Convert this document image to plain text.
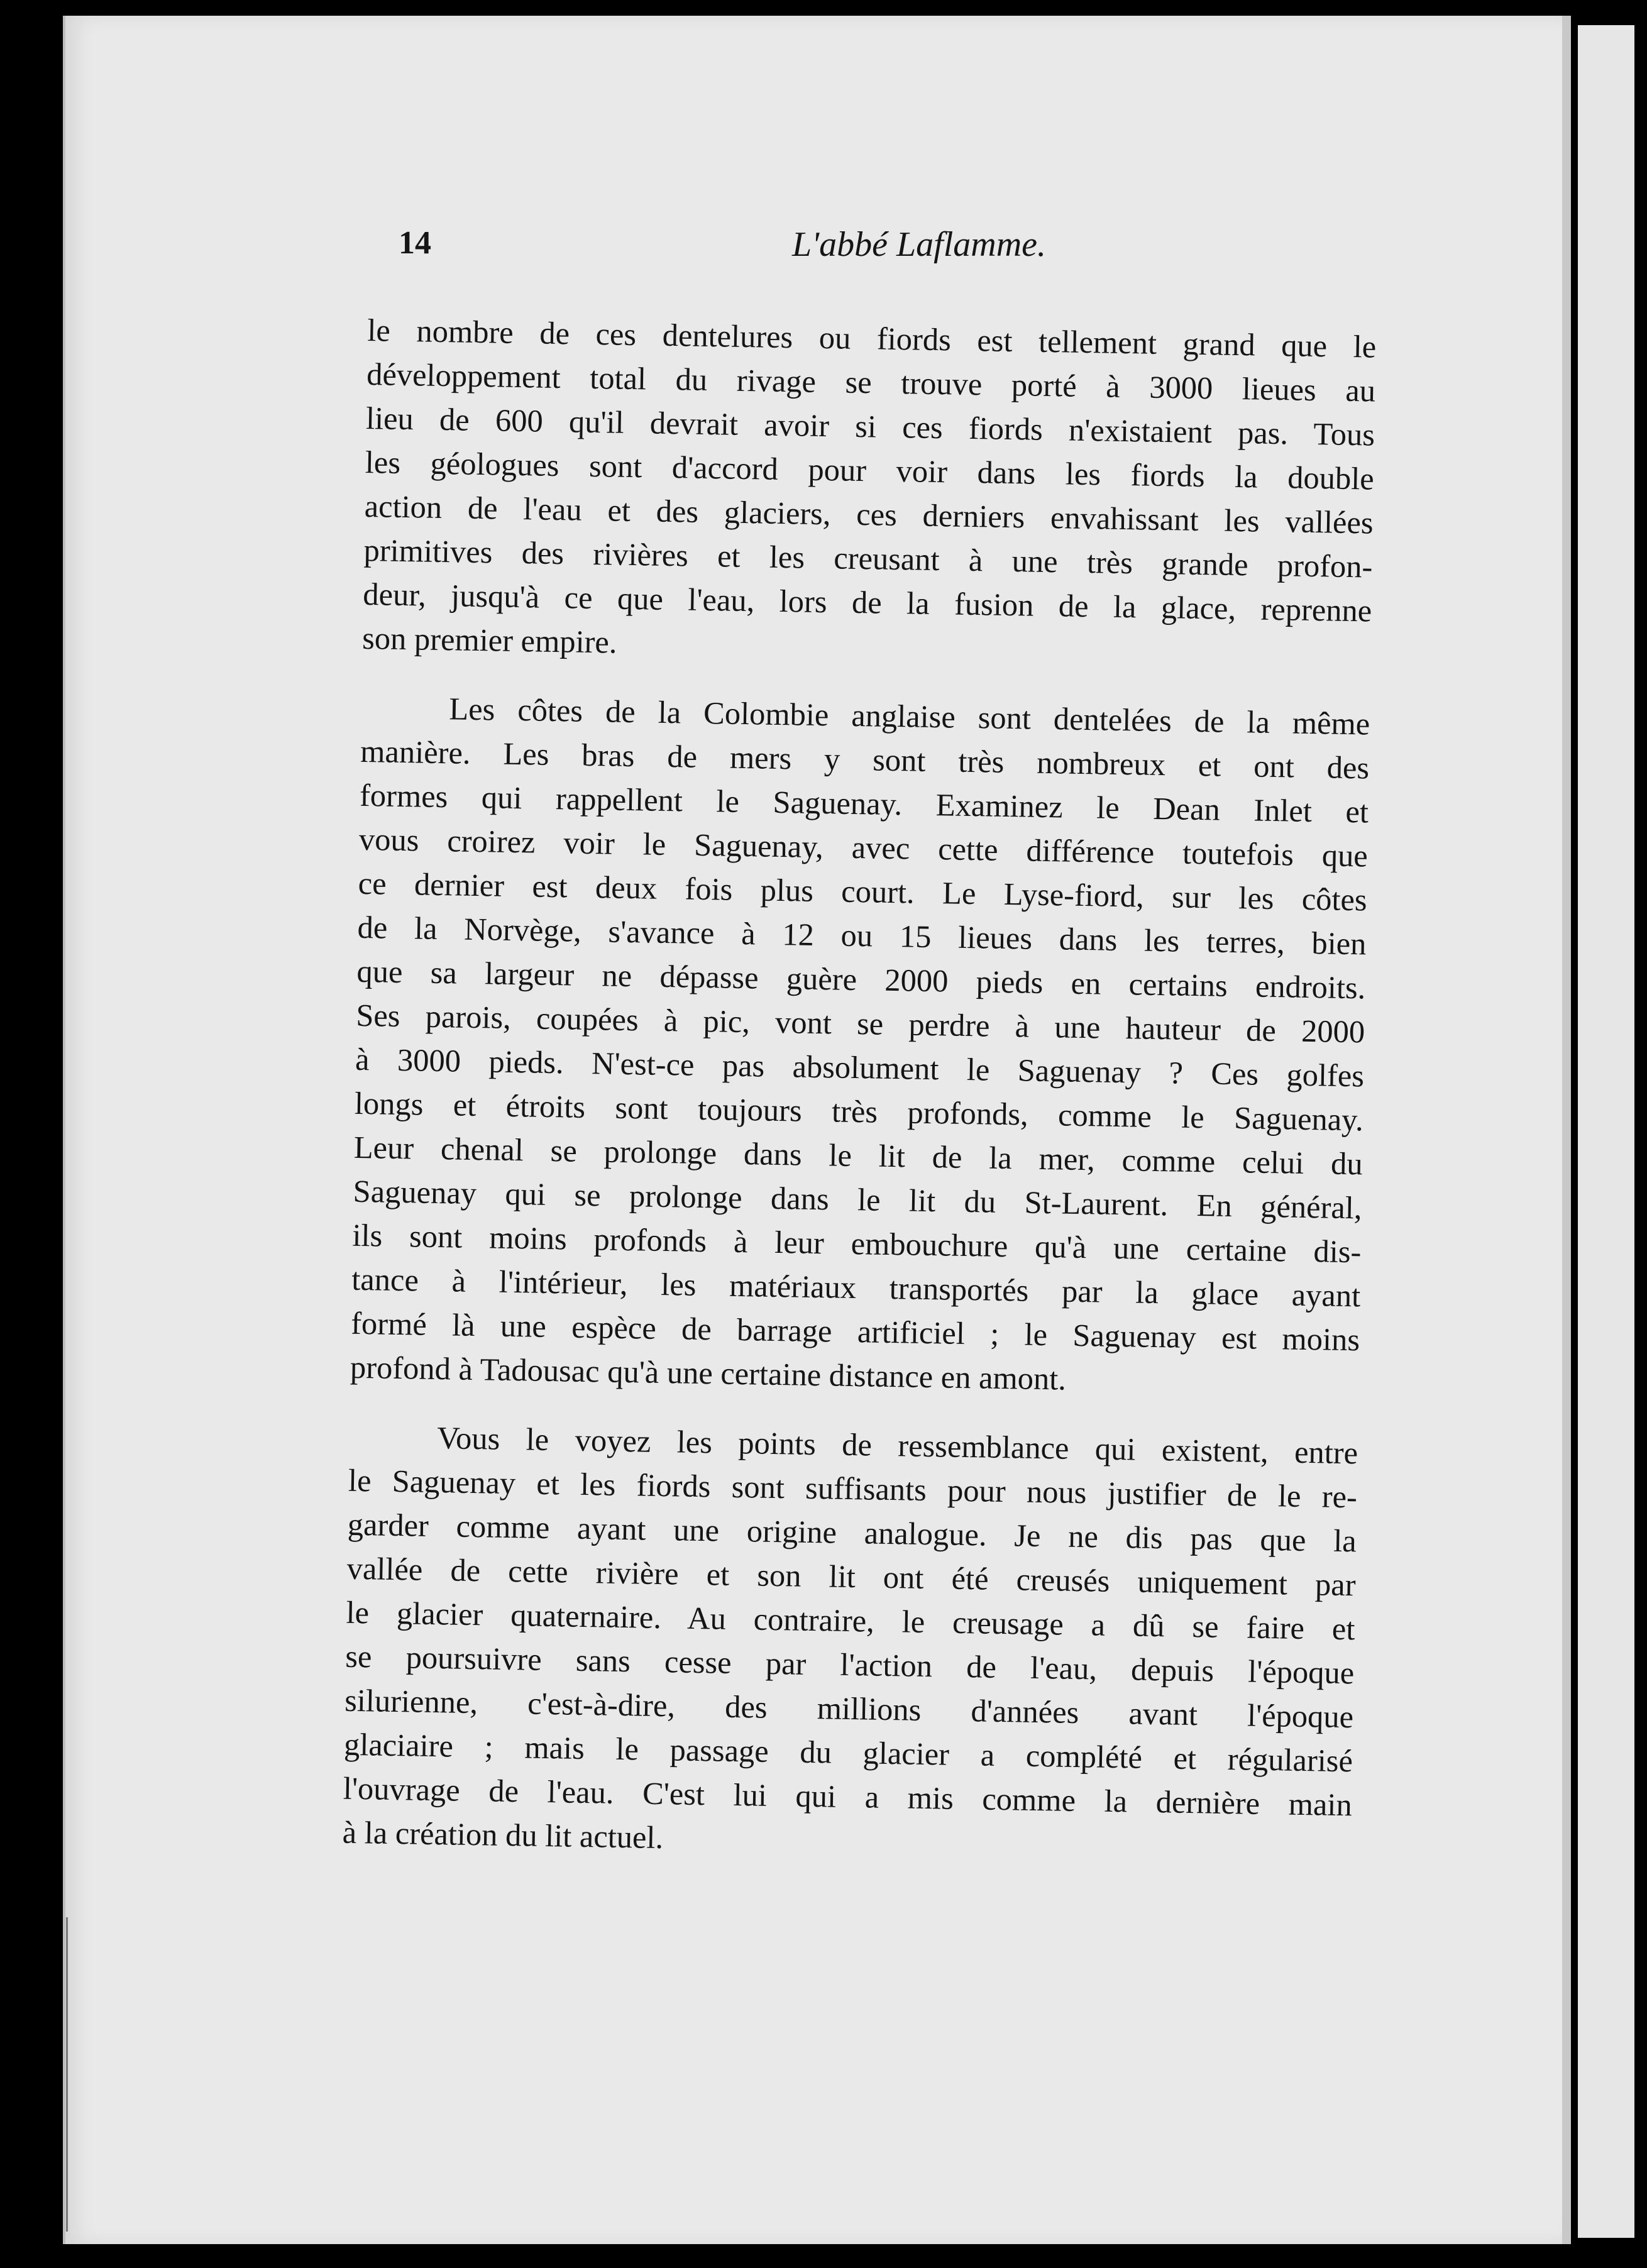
14	L'abbé Laflamme.
le nombre de ces dentelures ou fiords est tellement grand que le
développement total du rivage se trouve porté à 3000 lieues au
lieu de 600 qu'il devrait avoir si ces fiords n'existaient pas. Tous
les géologues sont d'accord pour voir dans les fiords la double
action de l'eau et des glaciers, ces derniers envahissant les vallées
primitives des rivières et les creusant à une très grande profon-
deur, jusqu'à ce que l'eau, lors de la fusion de la glace, reprenne
son premier empire.
Les côtes de la Colombie anglaise sont dentelées de la même
manière. Les bras de mers y sont très nombreux et ont des
formes qui rappellent le Saguenay. Examinez le Dean Inlet et
vous croirez voir le Saguenay, avec cette différence toutefois que
ce dernier est deux fois plus court. Le Lyse-fiord, sur les côtes
de la Norvège, s'avance à 12 ou 15 lieues dans les terres, bien
que sa largeur ne dépasse guère 2000 pieds en certains endroits.
Ses parois, coupées à pic, vont se perdre à une hauteur de 2000
à 3000 pieds. N'est-ce pas absolument le Saguenay ? Ces golfes
longs et étroits sont toujours très profonds, comme le Saguenay.
Leur chenal se prolonge dans le lit de la mer, comme celui du
Saguenay qui se prolonge dans le lit du St-Laurent. En général,
ils sont moins profonds à leur embouchure qu'à une certaine dis-
tance à l'intérieur, les matériaux transportés par la glace ayant
formé là une espèce de barrage artificiel ; le Saguenay est moins
profond à Tadousac qu'à une certaine distance en amont.
Vous le voyez les points de ressemblance qui existent, entre
le Saguenay et les fiords sont suffisants pour nous justifier de le re-
garder comme ayant une origine analogue. Je ne dis pas que la
vallée de cette rivière et son lit ont été creusés uniquement par
le glacier quaternaire. Au contraire, le creusage a dû se faire et
se poursuivre sans cesse par l'action de l'eau, depuis l'époque
silurienne, c'est-à-dire, des millions d'années avant l'époque
glaciaire ; mais le passage du glacier a complété et régularisé
l'ouvrage de l'eau. C'est lui qui a mis comme la dernière main
à la création du lit actuel.
